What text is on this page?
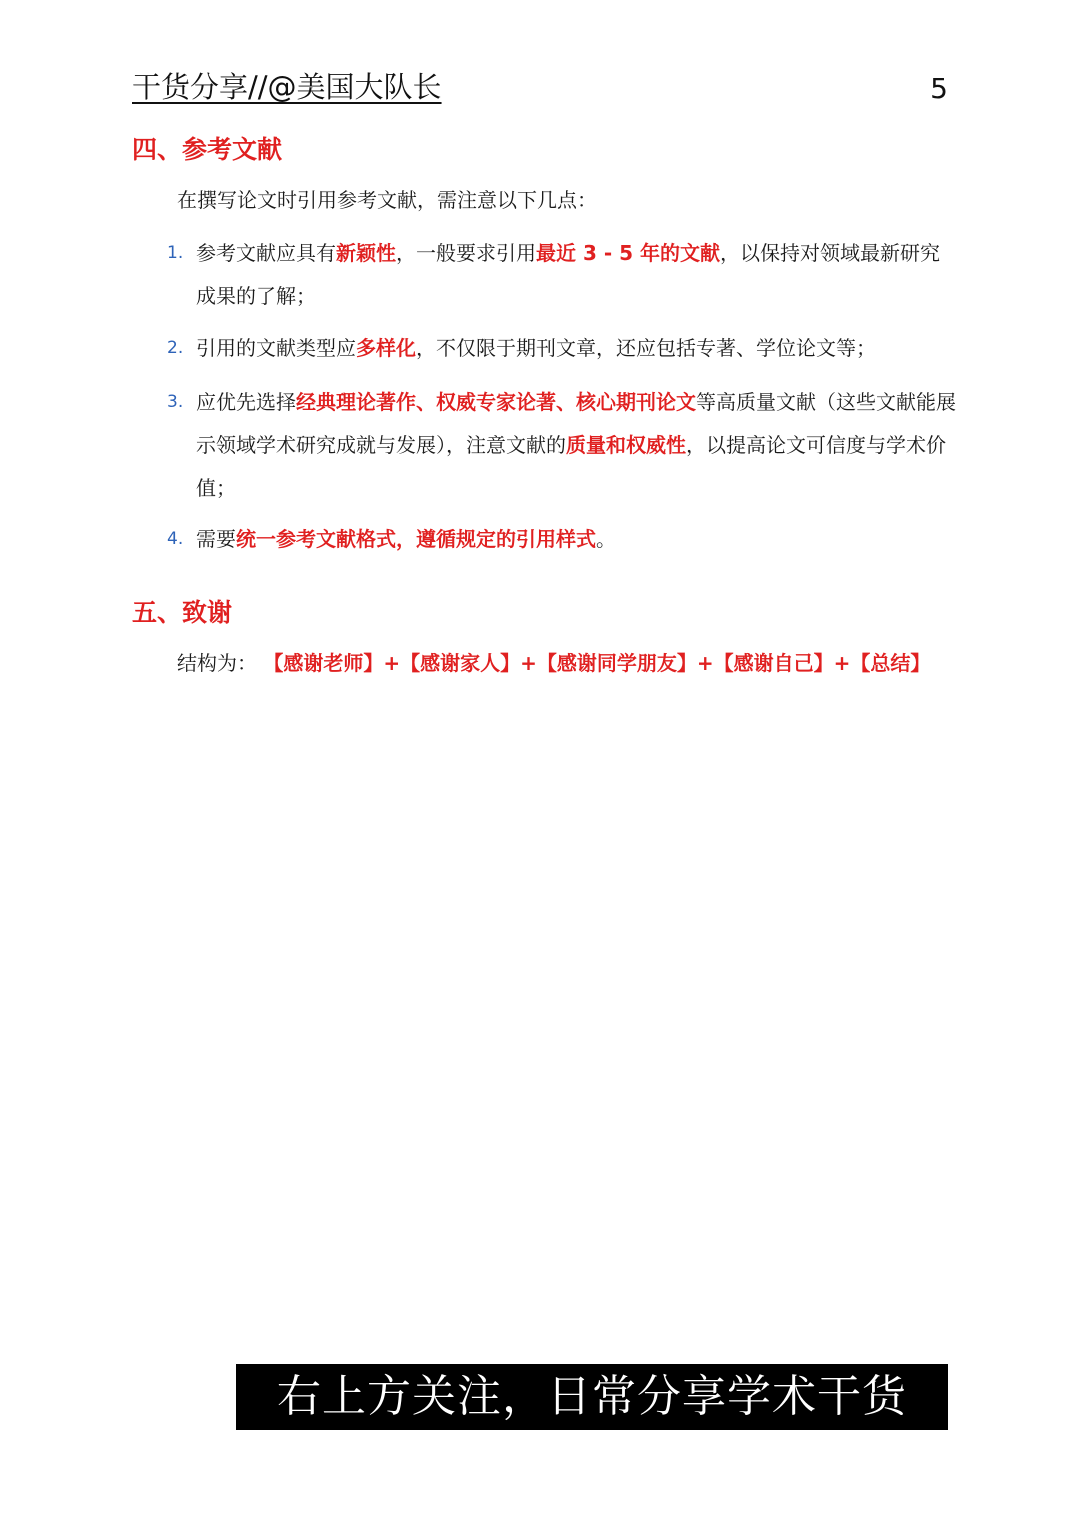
干货分享//@美国大队长	5
四、参考文献
在撰写论文时引用参考文献，需注意以下几点：
1. 参考文献应具有新颖性，一般要求引用最近 3 - 5 年的文献，以保持对领域最新研究成果的了解；
2. 引用的文献类型应多样化，不仅限于期刊文章，还应包括专著、学位论文等；
3. 应优先选择经典理论著作、权威专家论著、核心期刊论文等高质量文献（这些文献能展示领域学术研究成就与发展），注意文献的质量和权威性，以提高论文可信度与学术价值；
4. 需要统一参考文献格式，遵循规定的引用样式。
五、致谢
结构为： 【感谢老师】+【感谢家人】+【感谢同学朋友】+【感谢自己】+【总结】
右上方关注，日常分享学术干货
